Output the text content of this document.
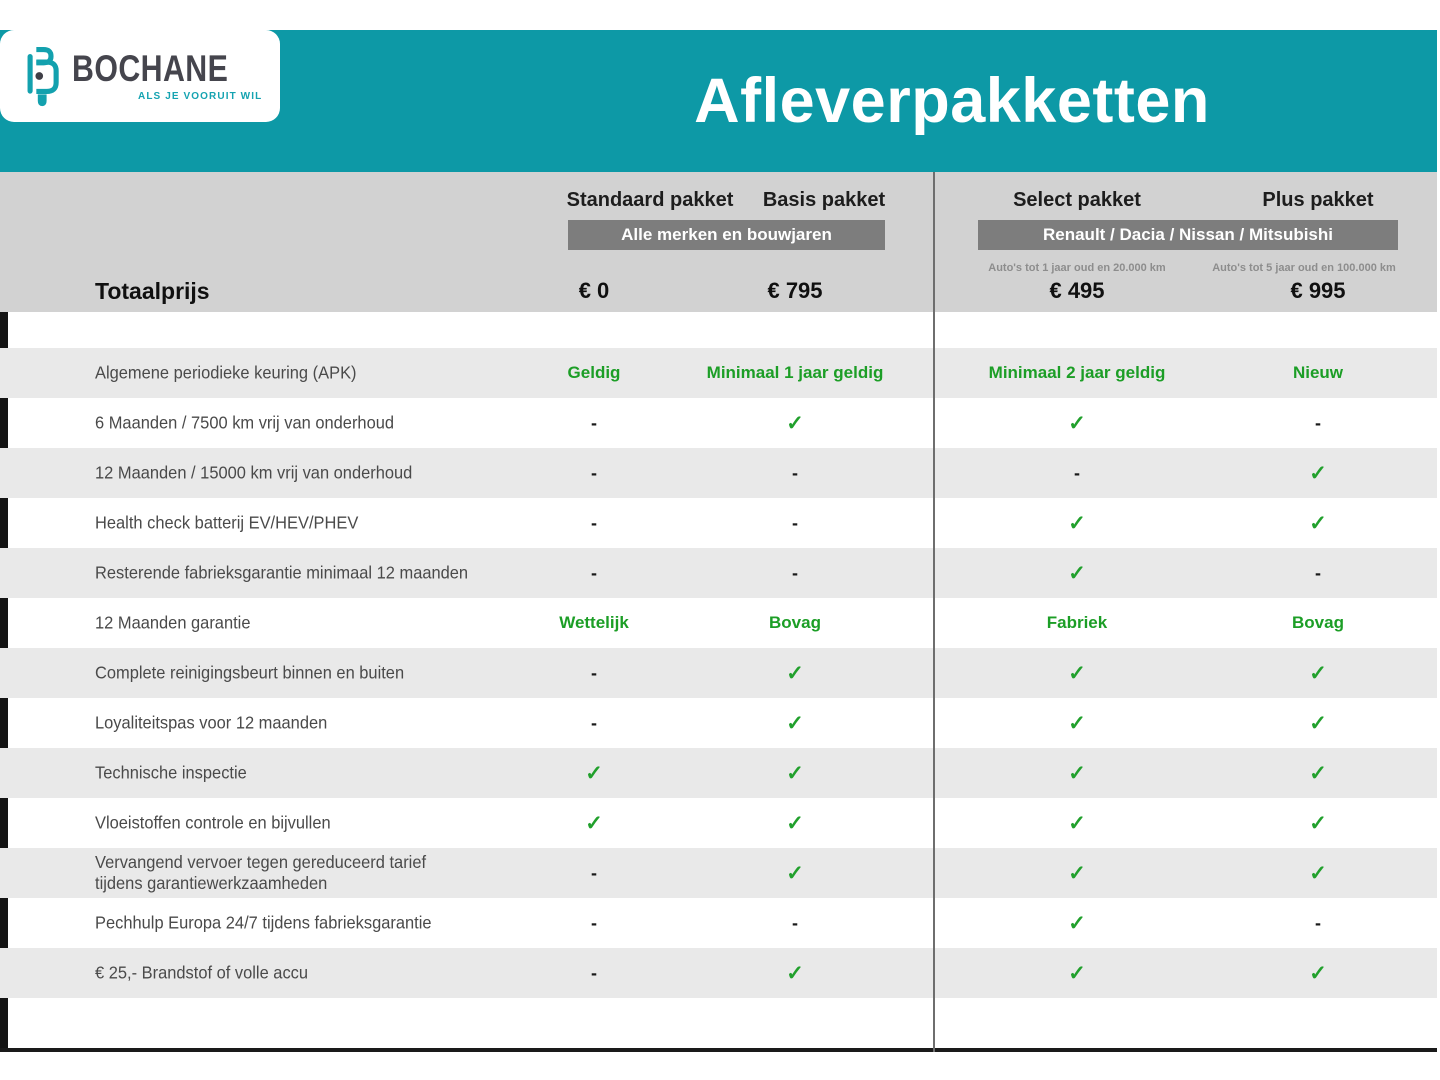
BOCHANE
ALS JE VOORUIT WIL	Afleverpakketten
Standaard pakket	Basis pakket	Select pakket	Plus pakket
Alle merken en bouwjaren	Renault / Dacia / Nissan / Mitsubishi
Auto's tot 1 jaar oud en 20.000 km	Auto's tot 5 jaar oud en 100.000 km
Totaalprijs	€ 0	€ 795	€ 495	€ 995
Algemene periodieke keuring (APK)	Geldig	Minimaal 1 jaar geldig	Minimaal 2 jaar geldig	Nieuw
6 Maanden / 7500 km vrij van onderhoud	-	✓	✓	-
12 Maanden / 15000 km vrij van onderhoud	-	-	-	✓
Health check batterij EV/HEV/PHEV	-	-	✓	✓
Resterende fabrieksgarantie minimaal 12 maanden	-	-	✓	-
12 Maanden garantie	Wettelijk	Bovag	Fabriek	Bovag
Complete reinigingsbeurt binnen en buiten	-	✓	✓	✓
Loyaliteitspas voor 12 maanden	-	✓	✓	✓
Technische inspectie	✓	✓	✓	✓
Vloeistoffen controle en bijvullen	✓	✓	✓	✓
Vervangend vervoer tegen gereduceerd tarief
tijdens garantiewerkzaamheden	-	✓	✓	✓
Pechhulp Europa 24/7 tijdens fabrieksgarantie	-	-	✓	-
€ 25,- Brandstof of volle accu	-	✓	✓	✓
